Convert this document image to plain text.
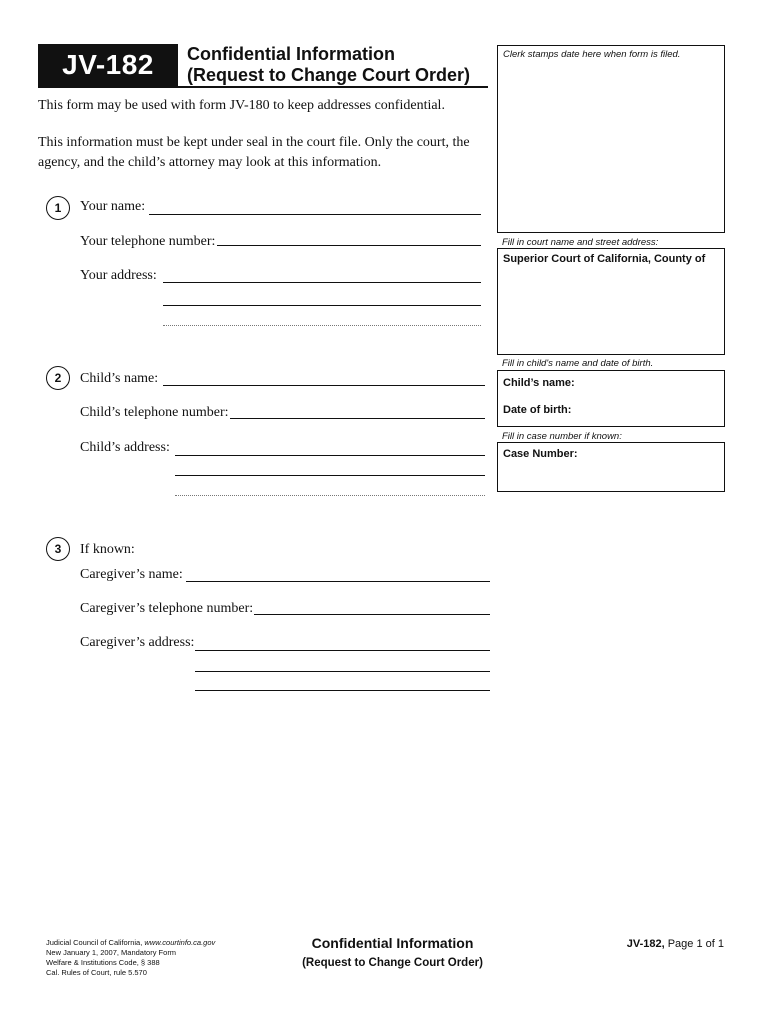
JV-182	Confidential Information
(Request to Change Court Order)
This form may be used with form JV-180 to keep addresses confidential.
This information must be kept under seal in the court file. Only the court, the agency, and the child’s attorney may look at this information.
1	Your name:
Your telephone number:
Your address:
2	Child’s name:
Child’s telephone number:
Child’s address:
3	If known:
Caregiver’s name:
Caregiver’s telephone number:
Caregiver’s address:
Clerk stamps date here when form is filed.
Fill in court name and street address:
Superior Court of California, County of
Fill in child's name and date of birth.
Child’s name:
Date of birth:
Fill in case number if known:
Case Number:
Judicial Council of California, www.courtinfo.ca.gov
New January 1, 2007, Mandatory Form
Welfare & Institutions Code, § 388
Cal. Rules of Court, rule 5.570
Confidential Information
(Request to Change Court Order)
JV-182, Page 1 of 1
